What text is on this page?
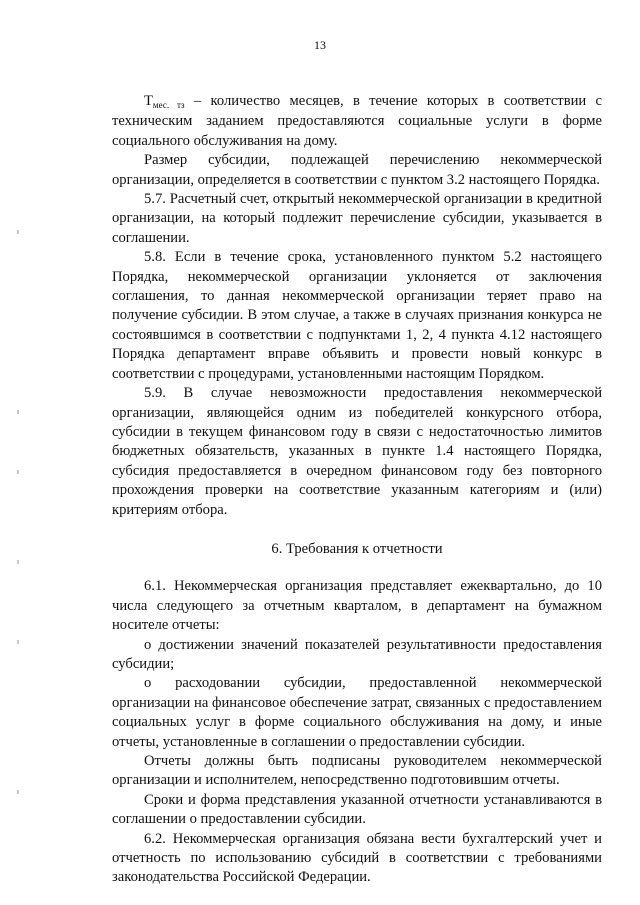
13

$Т_{мес. тз}$ – количество месяцев, в течение которых в соответствии с техническим заданием предоставляются социальные услуги в форме социального обслуживания на дому.

Размер субсидии, подлежащей перечислению некоммерческой организации, определяется в соответствии с пунктом 3.2 настоящего Порядка.

5.7. Расчетный счет, открытый некоммерческой организации в кредитной организации, на который подлежит перечисление субсидии, указывается в соглашении.

5.8. Если в течение срока, установленного пунктом 5.2 настоящего Порядка, некоммерческой организации уклоняется от заключения соглашения, то данная некоммерческой организации теряет право на получение субсидии. В этом случае, а также в случаях признания конкурса не состоявшимся в соответствии с подпунктами 1, 2, 4 пункта 4.12 настоящего Порядка департамент вправе объявить и провести новый конкурс в соответствии с процедурами, установленными настоящим Порядком.

5.9. В случае невозможности предоставления некоммерческой организации, являющейся одним из победителей конкурсного отбора, субсидии в текущем финансовом году в связи с недостаточностью лимитов бюджетных обязательств, указанных в пункте 1.4 настоящего Порядка, субсидия предоставляется в очередном финансовом году без повторного прохождения проверки на соответствие указанным категориям и (или) критериям отбора.

6. Требования к отчетности

6.1. Некоммерческая организация представляет ежеквартально, до 10 числа следующего за отчетным кварталом, в департамент на бумажном носителе отчеты:

о достижении значений показателей результативности предоставления субсидии;

о расходовании субсидии, предоставленной некоммерческой организации на финансовое обеспечение затрат, связанных с предоставлением социальных услуг в форме социального обслуживания на дому, и иные отчеты, установленные в соглашении о предоставлении субсидии.

Отчеты должны быть подписаны руководителем некоммерческой организации и исполнителем, непосредственно подготовившим отчеты.

Сроки и форма представления указанной отчетности устанавливаются в соглашении о предоставлении субсидии.

6.2. Некоммерческая организация обязана вести бухгалтерский учет и отчетность по использованию субсидий в соответствии с требованиями законодательства Российской Федерации.
